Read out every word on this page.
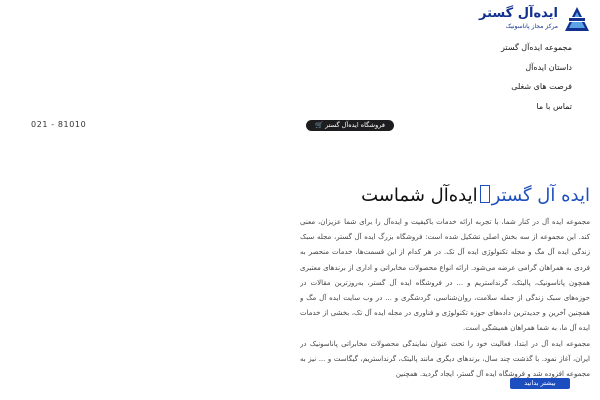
ایده‌آل گستر
مرکز مجاز پاناسونیک
مجموعه ایده‌آل گستر
داستان ایده‌آل
فرصت های شغلی
تماس با ما
021 - 81010	فروشگاه ایده‌آل گستر 🛒
ایده آل گسترایده‌آل شماست

مجموعه ایده آل در کنار شما، با تجربه ارائه خدمات باکیفیت و ایده‌آل را برای شما عزیزان، معنی کند. این مجموعه از سه بخش اصلی تشکیل شده است: فروشگاه بزرگ ایده آل گستر، مجله سبک زندگی ایده آل مگ و مجله تکنولوژی ایده آل تک. در هر کدام از این قسمت‌ها، خدمات منحصر به فردی به همراهان گرامی عرضه می‌شود. ارائه انواع محصولات مخابراتی و اداری از برندهای معتبری همچون پاناسونیک، پالیتک، گرنداستریم و ... در فروشگاه ایده آل گستر، به‌روزترین مقالات در حوزه‌های سبک زندگی از جمله سلامت، روان‌شناسی، گردشگری و ... در وب سایت ایده آل مگ و همچنین آخرین و جدیدترین داده‌های حوزه تکنولوژی و فناوری در مجله ایده آل تک، بخشی از خدمات ایده آل ما، به شما همراهان همیشگی است.

مجموعه ایده آل در ابتدا، فعالیت خود را تحت عنوان نمایندگی محصولات مخابراتی پاناسونیک در ایران، آغاز نمود. با گذشت چند سال، برندهای دیگری مانند پالیتک، گرنداستریم، گیگاست و ... نیز به مجموعه افزوده شد و فروشگاه ایده آل گستر، ایجاد گردید. همچنین

بیشتر بدانید
